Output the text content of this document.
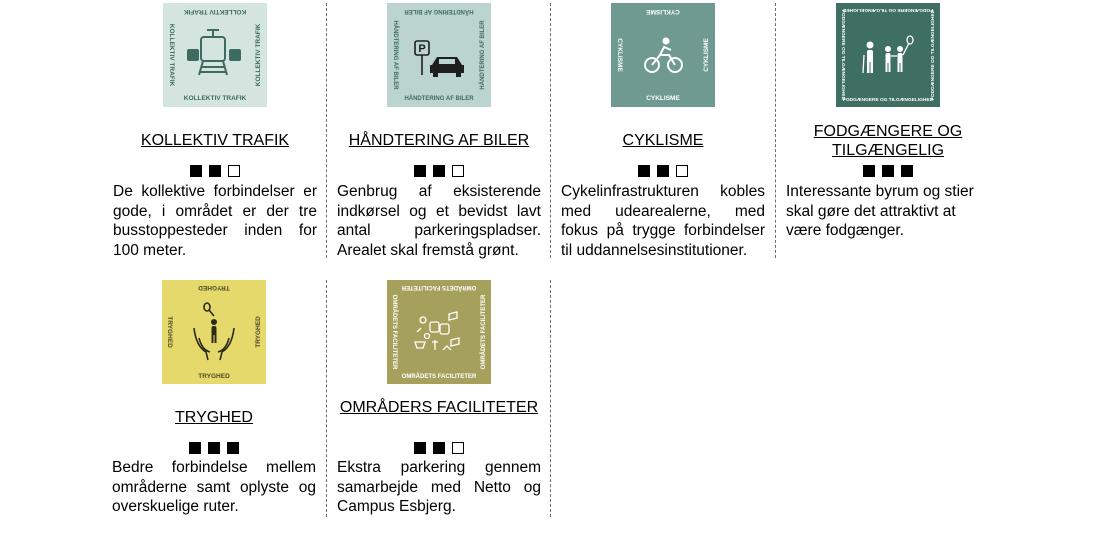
KOLLEKTIV TRAFIK
KOLLEKTIV TRAFIK
KOLLEKTIV TRAFIK	KOLLEKTIV TRAFIK
KOLLEKTIV TRAFIK
De kollektive forbindelser er gode, i området er der tre busstoppesteder inden for 100 meter.
HÅNDTERING AF BILER
HÅNDTERING AF BILER
HÅNDTERING AF BILER	HÅNDTERING AF BILER
P
HÅNDTERING AF BILER
Genbrug af eksisterende indkørsel og et bevidst lavt antal parkeringspladser. Arealet skal fremstå grønt.
CYKLISME
CYKLISME
CYKLISME	CYKLISME
CYKLISME
Cykelinfrastrukturen kobles med udearealerne, med fokus på trygge forbindelser til uddannelsesinstitutioner.
FODGÆNGERE OG TILGÆNGELIGHED
FODGÆNGERE OG TILGÆNGELIGHED
FODGÆNGERE OG TILGÆNGELIGHED	FODGÆNGERE OG TILGÆNGELIGHED
FODGÆNGERE OG TILGÆNGELIG
Interessante byrum og stier skal gøre det attraktivt at være fodgænger.
TRYGHED
TRYGHED
TRYGHED	TRYGHED
TRYGHED
Bedre forbindelse mellem områderne samt oplyste og overskuelige ruter.
OMRÅDETS FACILITETER
OMRÅDETS FACILITETER
OMRÅDETS FACILITETER	OMRÅDETS FACILITETER
OMRÅDERS FACILITETER
Ekstra parkering gennem samarbejde med Netto og Campus Esbjerg.
